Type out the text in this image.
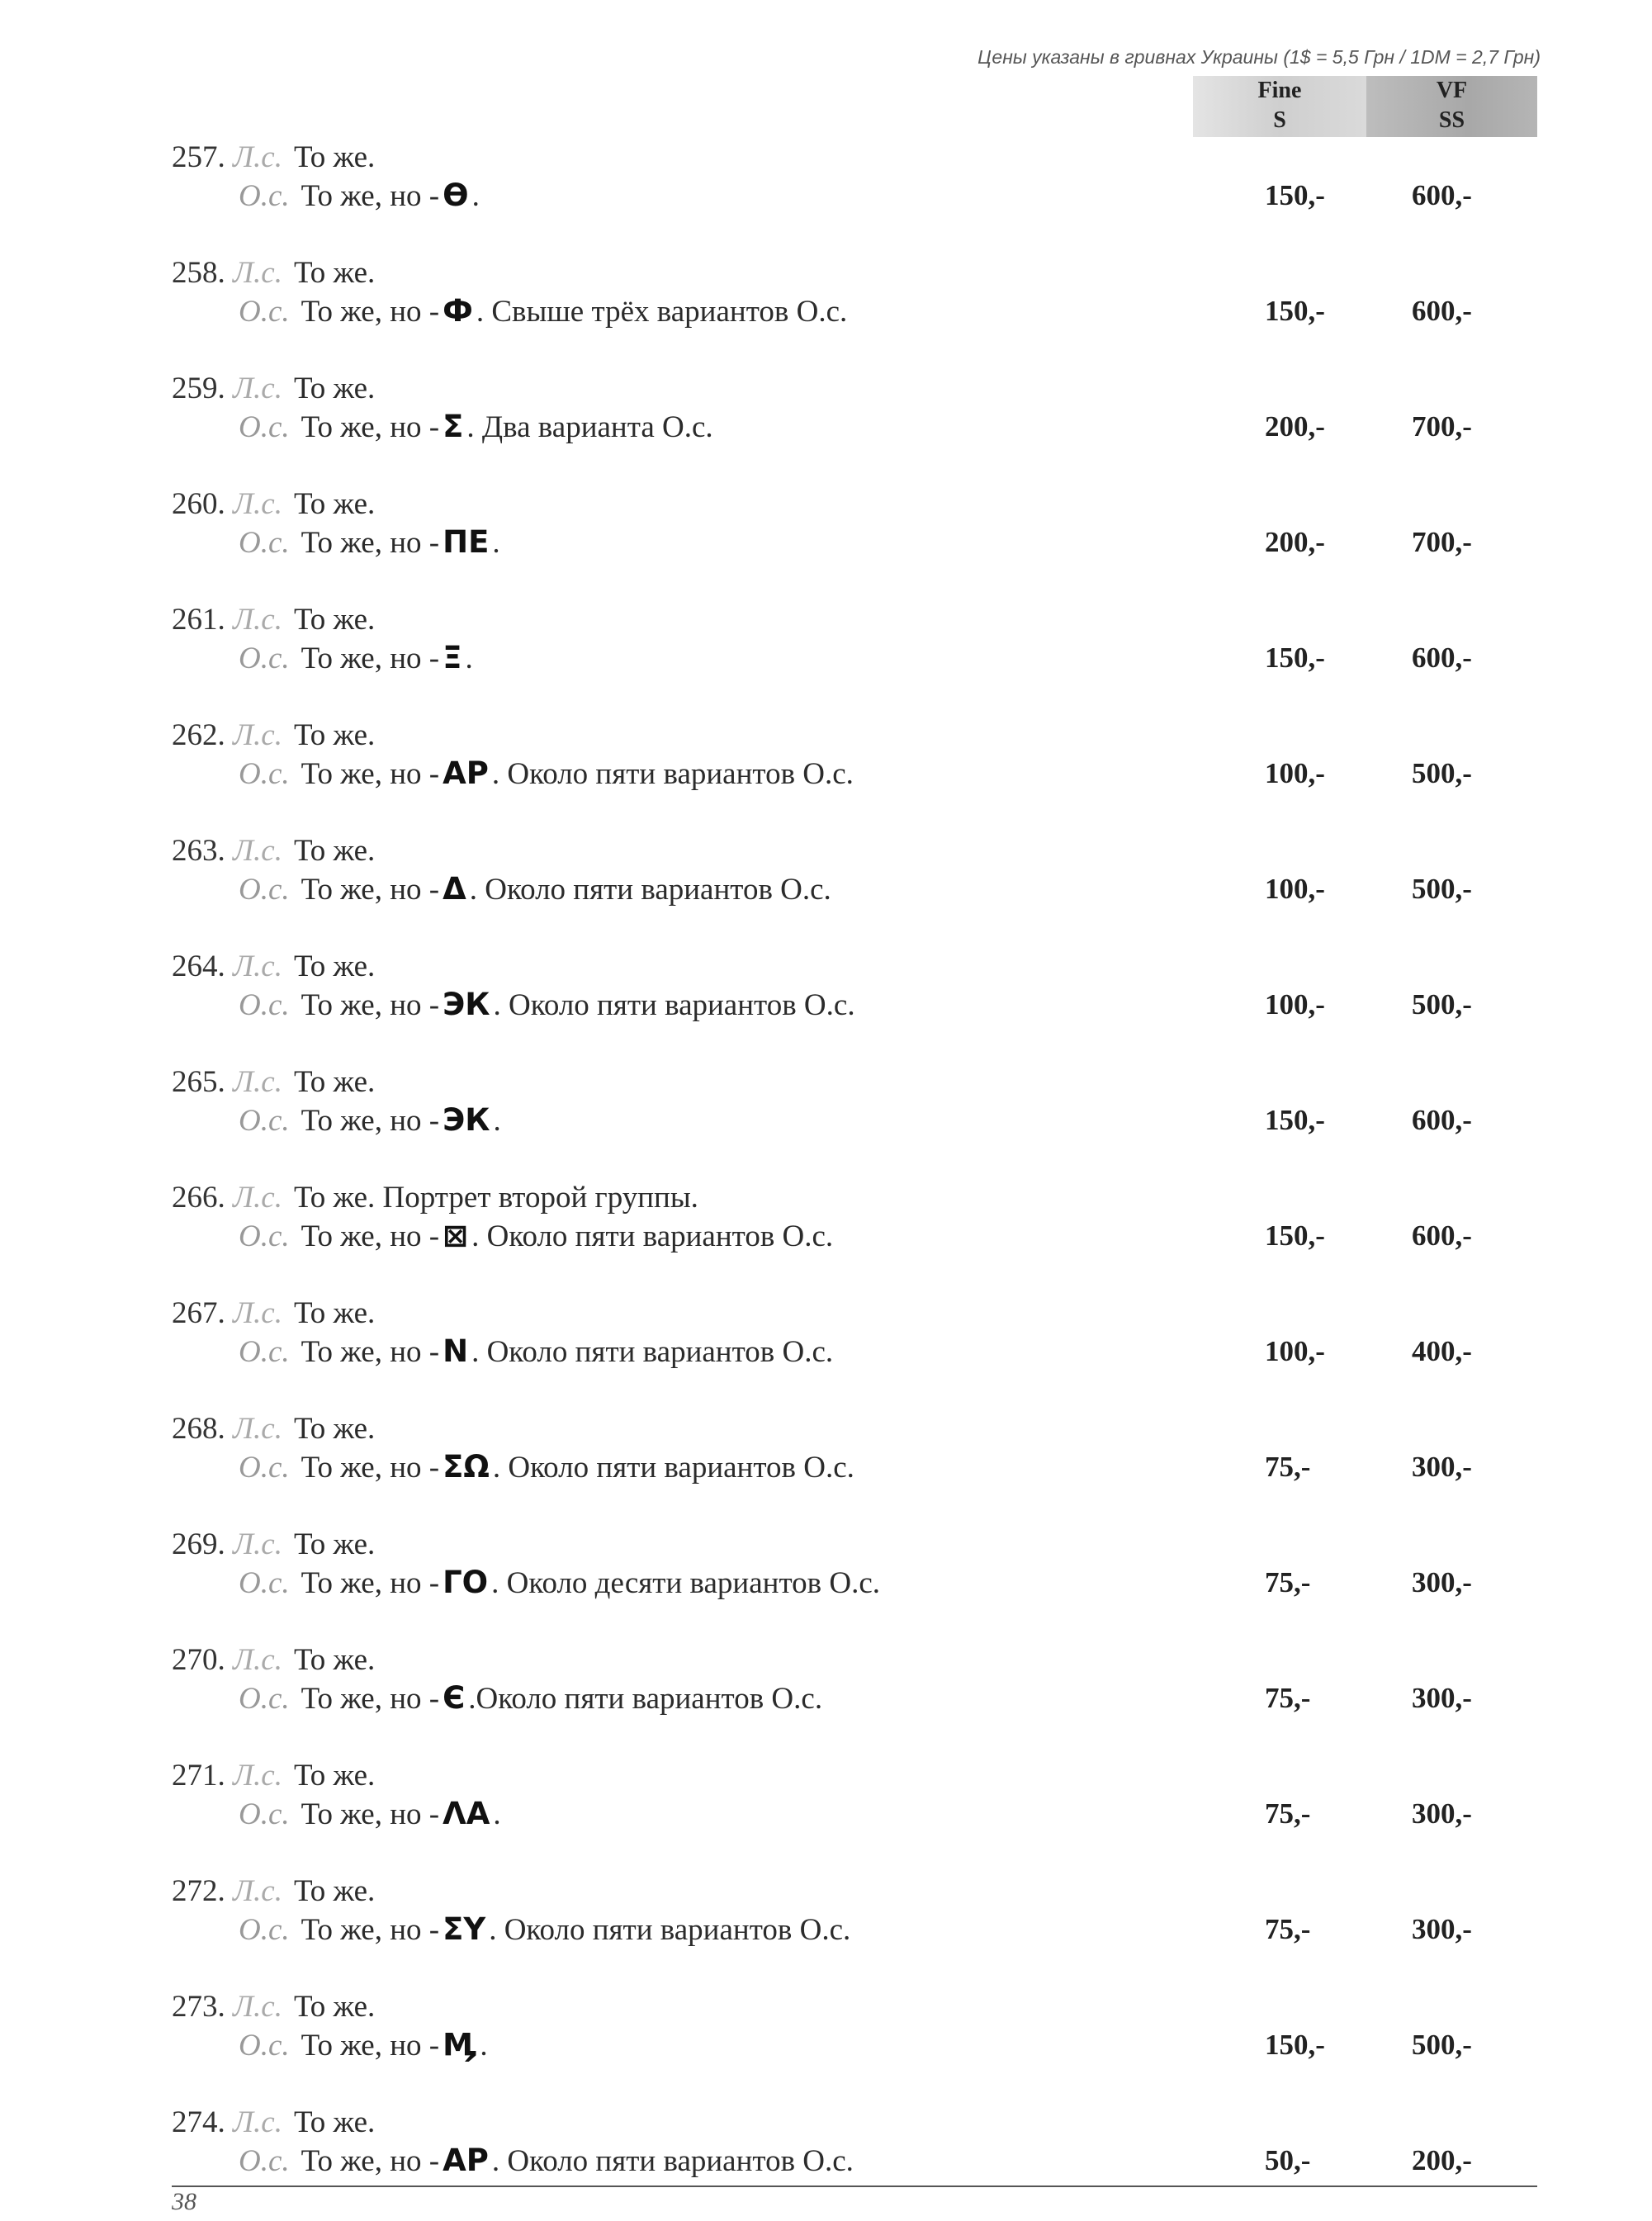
Цены указаны в гривнах Украины (1$ = 5,5 Грн / 1DM = 2,7 Грн)
Fine
S
VF
SS
257. Л.с. То же.
О.с. То же, но - Ѳ .	150,-	600,-
258. Л.с. То же.
О.с. То же, но - Ф . Свыше трёх вариантов О.с.	150,-	600,-
259. Л.с. То же.
О.с. То же, но - Σ . Два варианта О.с.	200,-	700,-
260. Л.с. То же.
О.с. То же, но - ПЕ .	200,-	700,-
261. Л.с. То же.
О.с. То же, но - Ξ .	150,-	600,-
262. Л.с. То же.
О.с. То же, но - ΑΡ . Около пяти вариантов О.с.	100,-	500,-
263. Л.с. То же.
О.с. То же, но - Δ . Около пяти вариантов О.с.	100,-	500,-
264. Л.с. То же.
О.с. То же, но - ЭК . Около пяти вариантов О.с.	100,-	500,-
265. Л.с. То же.
О.с. То же, но - ЭК .	150,-	600,-
266. Л.с. То же. Портрет второй группы.
О.с. То же, но - ⊠ . Около пяти вариантов О.с.	150,-	600,-
267. Л.с. То же.
О.с. То же, но - N . Около пяти вариантов О.с.	100,-	400,-
268. Л.с. То же.
О.с. То же, но - ΣΩ . Около пяти вариантов О.с.	75,-	300,-
269. Л.с. То же.
О.с. То же, но - ΓΟ . Около десяти вариантов О.с.	75,-	300,-
270. Л.с. То же.
О.с. То же, но - Є .Около пяти вариантов О.с.	75,-	300,-
271. Л.с. То же.
О.с. То же, но - ΛΑ .	75,-	300,-
272. Л.с. То же.
О.с. То же, но - ΣΥ . Около пяти вариантов О.с.	75,-	300,-
273. Л.с. То же.
О.с. То же, но - Ӎ .	150,-	500,-
274. Л.с. То же.
О.с. То же, но - ΑΡ . Около пяти вариантов О.с.	50,-	200,-
38
